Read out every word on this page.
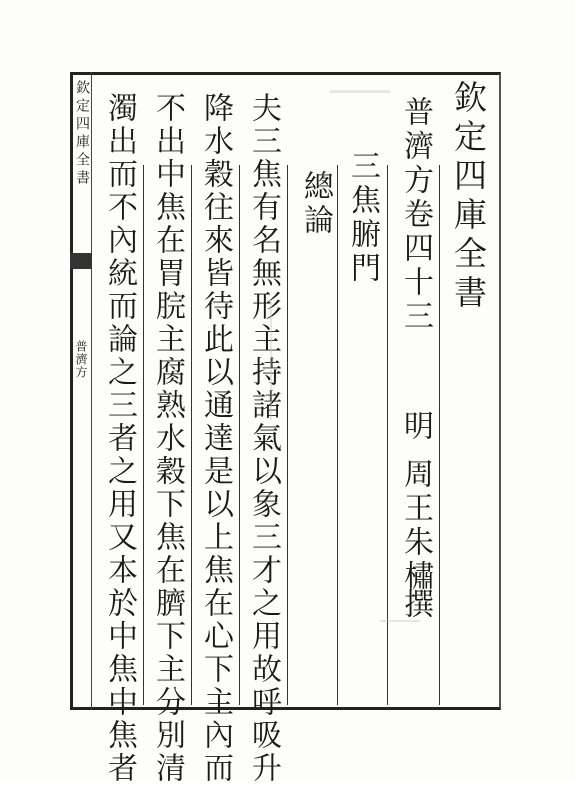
欽定四庫全書
普濟方
欽定四庫全書
普濟方卷四十三
明
周王朱橚
撰
三焦腑門
總論
夫三焦有名無形主持諸氣以象三才之用故呼吸升
降水穀往來皆待此以通達是以上焦在心下主內而
不出中焦在胃脘主腐熟水穀下焦在臍下主分別清
濁出而不內統而論之三者之用又本於中焦中焦者
